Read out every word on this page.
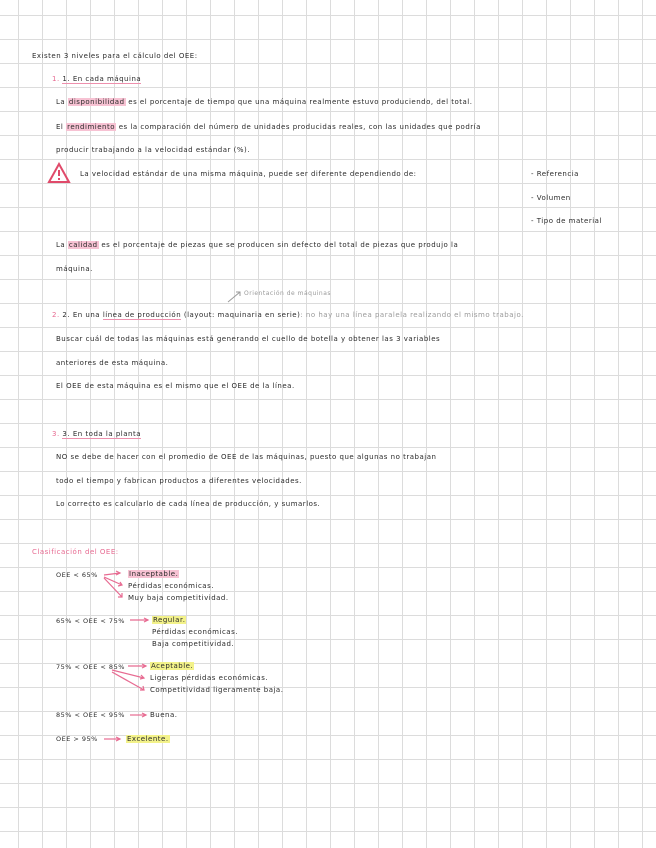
Existen 3 niveles para el cálculo del OEE:
1. 1. En cada máquina
La disponibilidad es el porcentaje de tiempo que una máquina realmente estuvo produciendo, del total.
El rendimiento es la comparación del número de unidades producidas reales, con las unidades que podría
producir trabajando a la velocidad estándar (%).
La velocidad estándar de una misma máquina, puede ser diferente dependiendo de:	- Referencia
- Volumen
- Tipo de material
La calidad es el porcentaje de piezas que se producen sin defecto del total de piezas que produjo la
máquina.
Orientación de máquinas
2. 2. En una línea de producción (layout: maquinaria en serie): no hay una línea paralela realizando el mismo trabajo.
Buscar cuál de todas las máquinas está generando el cuello de botella y obtener las 3 variables
anteriores de esta máquina.
El OEE de esta máquina es el mismo que el OEE de la línea.
3. 3. En toda la planta
NO se debe de hacer con el promedio de OEE de las máquinas, puesto que algunas no trabajan
todo el tiempo y fabrican productos a diferentes velocidades.
Lo correcto es calcularlo de cada línea de producción, y sumarlos.
Clasificación del OEE:
OEE < 65%	Inaceptable.
Pérdidas económicas.
Muy baja competitividad.
65% < OEE < 75%	Regular.
Pérdidas económicas.
Baja competitividad.
75% < OEE < 85%	Aceptable.
Ligeras pérdidas económicas.
Competitividad ligeramente baja.
85% < OEE < 95%	Buena.
OEE > 95%	Excelente.
